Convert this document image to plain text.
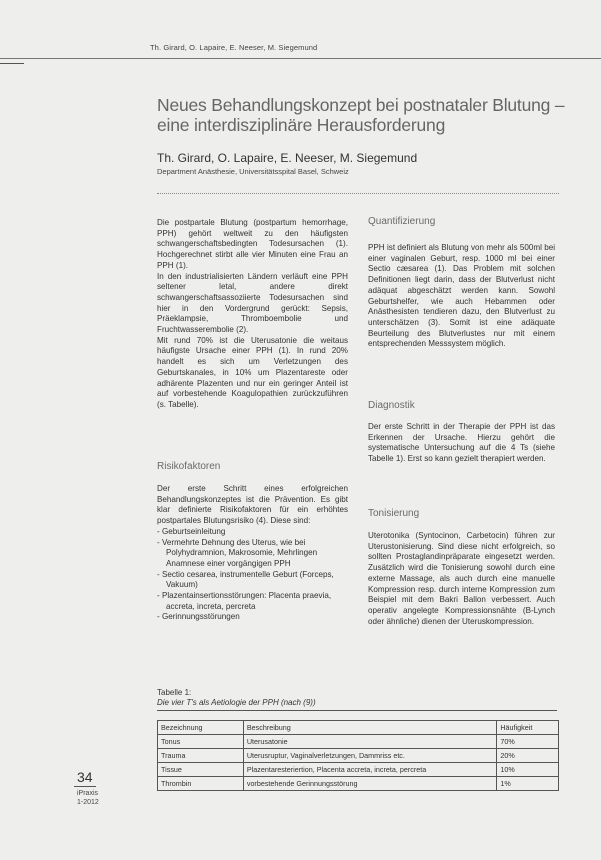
Th. Girard, O. Lapaire, E. Neeser, M. Siegemund
Neues Behandlungskonzept bei postnataler Blutung – eine interdisziplinäre Herausforderung
Th. Girard, O. Lapaire, E. Neeser, M. Siegemund
Department Anästhesie, Universitätsspital Basel, Schweiz

Die postpartale Blutung (postpartum hemorrhage, PPH) gehört weltweit zu den häufigsten schwangerschaftsbedingten Todesursachen (1). Hochgerechnet stirbt alle vier Minuten eine Frau an PPH (1).

In den industrialisierten Ländern verläuft eine PPH seltener letal, andere direkt schwangerschaftsassoziierte Todesursachen sind hier in den Vordergrund gerückt: Sepsis, Präeklampsie, Thromboembolie und Fruchtwasserembolie (2).

Mit rund 70% ist die Uterusatonie die weitaus häufigste Ursache einer PPH (1). In rund 20% handelt es sich um Verletzungen des Geburtskanales, in 10% um Plazentareste oder adhärente Plazenten und nur ein geringer Anteil ist auf vorbestehende Koagulopathien zurückzuführen (s. Tabelle).

Risikofaktoren

Der erste Schritt eines erfolgreichen Behandlungskonzeptes ist die Prävention. Es gibt klar definierte Risikofaktoren für ein erhöhtes postpartales Blutungsrisiko (4). Diese sind:

- Geburtseinleitung
- Vermehrte Dehnung des Uterus, wie bei Polyhydramnion, Makrosomie, Mehrlingen Anamnese einer vorgängigen PPH
- Sectio cesarea, instrumentelle Geburt (Forceps, Vakuum)
- Plazentainsertionsstörungen: Placenta praevia, accreta, increta, percreta
- Gerinnungsstörungen
Quantifizierung

PPH ist definiert als Blutung von mehr als 500ml bei einer vaginalen Geburt, resp. 1000 ml bei einer Sectio cæsarea (1). Das Problem mit solchen Definitionen liegt darin, dass der Blutverlust nicht adäquat abgeschätzt werden kann. Sowohl Geburtshelfer, wie auch Hebammen oder Anästhesisten tendieren dazu, den Blutverlust zu unterschätzen (3). Somit ist eine adäquate Beurteilung des Blutverlustes nur mit einem entsprechenden Messsystem möglich.

Diagnostik

Der erste Schritt in der Therapie der PPH ist das Erkennen der Ursache. Hierzu gehört die systematische Untersuchung auf die 4 Ts (siehe Tabelle 1). Erst so kann gezielt therapiert werden.

Tonisierung

Uterotonika (Syntocinon, Carbetocin) führen zur Uterustonisierung. Sind diese nicht erfolgreich, so sollten Prostaglandinpräparate eingesetzt werden. Zusätzlich wird die Tonisierung sowohl durch eine externe Massage, als auch durch eine manuelle Kompression resp. durch interne Kompression zum Beispiel mit dem Bakri Ballon verbessert. Auch operativ angelegte Kompressionsnähte (B-Lynch oder ähnliche) dienen der Uteruskompression.

Tabelle 1:
Die vier T's als Aetiologie der PPH (nach (9))
Bezeichnung	Beschreibung	Häufigkeit
Tonus	Uterusatonie	70%
Trauma	Uterusruptur, Vaginalverletzungen, Dammriss etc.	20%
Tissue	Plazentaresteriertion, Placenta accreta, increta, percreta	10%
Thrombin	vorbestehende Gerinnungsstörung	1%
34
iPraxis
1-2012
